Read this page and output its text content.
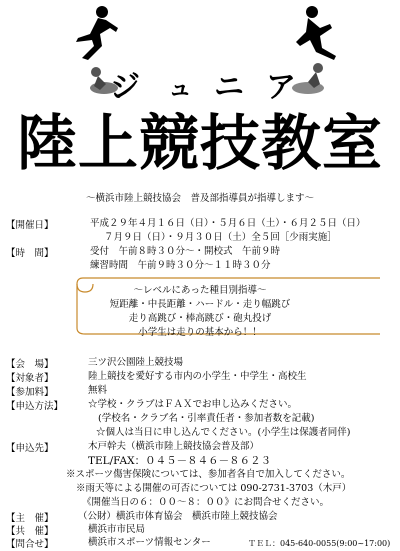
ジ ュ ニ ア
陸上競技教室
～横浜市陸上競技協会　普及部指導員が指導します～
【開催日】	平成２９年４月１６日（日）・５月６日（土）・６月２５日（日）
７月９日（日）・９月３０日（土）全５回［少雨実施］
【時　間】	受付　午前８時３０分～・開校式　午前９時
練習時間　午前９時３０分～１１時３０分
～レベルにあった種目別指導～
短距離・中長距離・ハードル・走り幅跳び
走り高跳び・棒高跳び・砲丸投げ
小学生は走りの基本から！！
【会　場】	三ツ沢公園陸上競技場
【対象者】	陸上競技を愛好する市内の小学生・中学生・高校生
【参加料】	無料
【申込方法】	☆学校・クラブはＦＡＸでお申し込みください。
(学校名・クラブ名・引率責任者・参加者数を記載)
☆個人は当日に申し込んでください。(小学生は保護者同伴)
【申込先】	木戸幹夫（横浜市陸上競技協会普及部）
TEL/FAX：０４５－８４６－８６２３
※スポーツ傷害保険については、参加者各自で加入してください。
※雨天等による開催の可否については 090-2731-3703（木戸）
《開催当日の６：００～８：００》にお問合せください。
【主　催】	（公財）横浜市体育協会　横浜市陸上競技協会
【共　催】	横浜市市民局
【問合せ】	横浜市スポーツ情報センター	ＴＥＬ：045-640-0055(9:00~17:00)
